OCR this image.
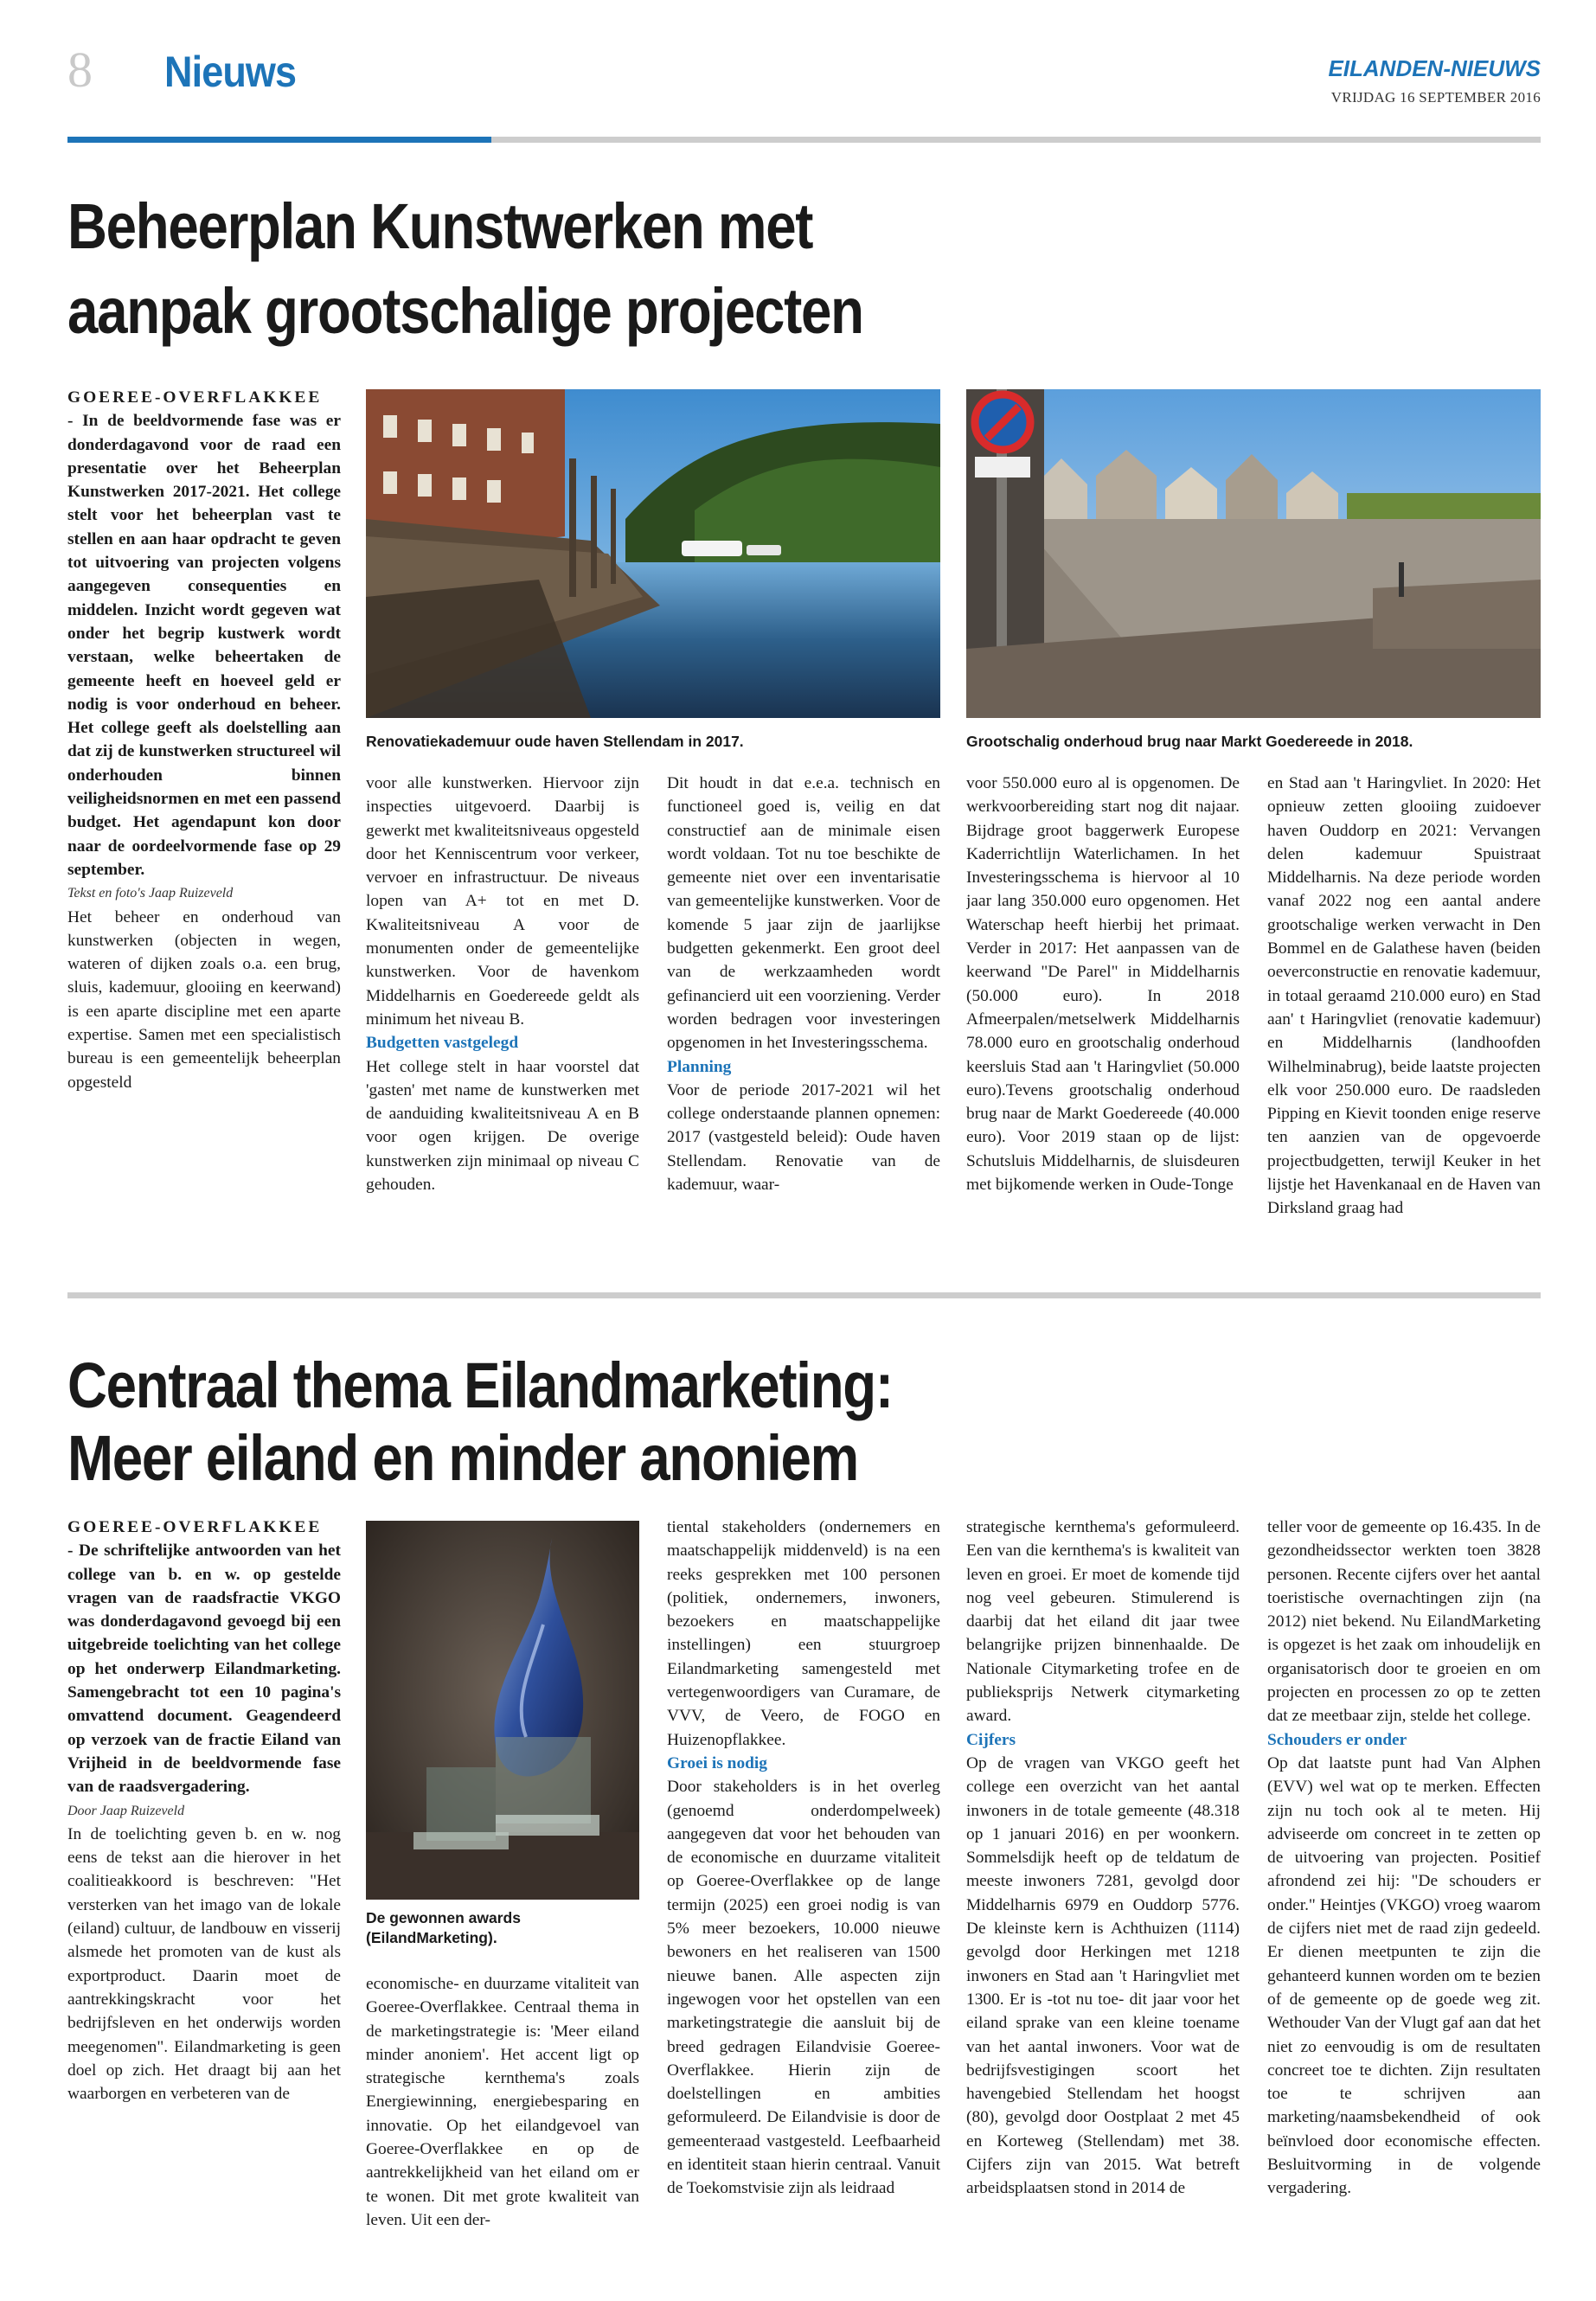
8 Nieuws	EILANDEN-NIEUWS
VRIJDAG 16 SEPTEMBER 2016
Beheerplan Kunstwerken met
aanpak grootschalige projecten

GOEREE-OVERFLAKKEE
- In de beeldvormende fase was er donderdagavond voor de raad een presentatie over het Beheerplan Kunstwerken 2017-2021. Het college stelt voor het beheerplan vast te stellen en aan haar opdracht te geven tot uitvoering van projecten volgens aangegeven consequenties en middelen. Inzicht wordt gegeven wat onder het begrip kustwerk wordt verstaan, welke beheertaken de gemeente heeft en hoeveel geld er nodig is voor onderhoud en beheer. Het college geeft als doelstelling aan dat zij de kunstwerken structureel wil onderhouden binnen veiligheidsnormen en met een passend budget. Het agendapunt kon door naar de oordeelvormende fase op 29 september.

Tekst en foto's Jaap Ruizeveld

Het beheer en onderhoud van kunstwerken (objecten in wegen, wateren of dijken zoals o.a. een brug, sluis, kademuur, glooiing en keerwand) is een aparte discipline met een aparte expertise. Samen met een specialistisch bureau is een gemeentelijk beheerplan opgesteld

Renovatiekademuur oude haven Stellendam in 2017.	Grootschalig onderhoud brug naar Markt Goedereede in 2018.

voor alle kunstwerken. Hiervoor zijn inspecties uitgevoerd. Daarbij is gewerkt met kwaliteitsniveaus opgesteld door het Kenniscentrum voor verkeer, vervoer en infrastructuur. De niveaus lopen van A+ tot en met D. Kwaliteitsniveau A voor de monumenten onder de gemeentelijke kunstwerken. Voor de havenkom Middelharnis en Goedereede geldt als minimum het niveau B.

Budgetten vastgelegd

Het college stelt in haar voorstel dat 'gasten' met name de kunstwerken met de aanduiding kwaliteitsniveau A en B voor ogen krijgen. De overige kunstwerken zijn minimaal op niveau C gehouden.

Dit houdt in dat e.e.a. technisch en functioneel goed is, veilig en dat constructief aan de minimale eisen wordt voldaan. Tot nu toe beschikte de gemeente niet over een inventarisatie van gemeentelijke kunstwerken. Voor de komende 5 jaar zijn de jaarlijkse budgetten gekenmerkt. Een groot deel van de werkzaamheden wordt gefinancierd uit een voorziening. Verder worden bedragen voor investeringen opgenomen in het Investeringsschema.

Planning

Voor de periode 2017-2021 wil het college onderstaande plannen opnemen: 2017 (vastgesteld beleid): Oude haven Stellendam. Renovatie van de kademuur, waar-

voor 550.000 euro al is opgenomen. De werkvoorbereiding start nog dit najaar. Bijdrage groot baggerwerk Europese Kaderrichtlijn Waterlichamen. In het Investeringsschema is hiervoor al 10 jaar lang 350.000 euro opgenomen. Het Waterschap heeft hierbij het primaat. Verder in 2017: Het aanpassen van de keerwand "De Parel" in Middelharnis (50.000 euro). In 2018 Afmeerpalen/metselwerk Middelharnis 78.000 euro en grootschalig onderhoud keersluis Stad aan 't Haringvliet (50.000 euro).Tevens grootschalig onderhoud brug naar de Markt Goedereede (40.000 euro). Voor 2019 staan op de lijst: Schutsluis Middelharnis, de sluisdeuren met bijkomende werken in Oude-Tonge

en Stad aan 't Haringvliet. In 2020: Het opnieuw zetten glooiing zuidoever haven Ouddorp en 2021: Vervangen delen kademuur Spuistraat Middelharnis. Na deze periode worden vanaf 2022 nog een aantal andere grootschalige werken verwacht in Den Bommel en de Galathese haven (beiden oeverconstructie en renovatie kademuur, in totaal geraamd 210.000 euro) en Stad aan' t Haringvliet (renovatie kademuur) en Middelharnis (landhoofden Wilhelminabrug), beide laatste projecten elk voor 250.000 euro. De raadsleden Pipping en Kievit toonden enige reserve ten aanzien van de opgevoerde projectbudgetten, terwijl Keuker in het lijstje het Havenkanaal en de Haven van Dirksland graag had

Centraal thema Eilandmarketing:
Meer eiland en minder anoniem

GOEREE-OVERFLAKKEE
- De schriftelijke antwoorden van het college van b. en w. op gestelde vragen van de raadsfractie VKGO was donderdagavond gevoegd bij een uitgebreide toelichting van het college op het onderwerp Eilandmarketing. Samengebracht tot een 10 pagina's omvattend document. Geagendeerd op verzoek van de fractie Eiland van Vrijheid in de beeldvormende fase van de raadsvergadering.

Door Jaap Ruizeveld

In de toelichting geven b. en w. nog eens de tekst aan die hierover in het coalitieakkoord is beschreven: "Het versterken van het imago van de lokale (eiland) cultuur, de landbouw en visserij alsmede het promoten van de kust als exportproduct. Daarin moet de aantrekkingskracht voor het bedrijfsleven en het onderwijs worden meegenomen". Eilandmarketing is geen doel op zich. Het draagt bij aan het waarborgen en verbeteren van de

De gewonnen awards (EilandMarketing).

economische- en duurzame vitaliteit van Goeree-Overflakkee. Centraal thema in de marketingstrategie is: 'Meer eiland minder anoniem'. Het accent ligt op strategische kernthema's zoals Energiewinning, energiebesparing en innovatie. Op het eilandgevoel van Goeree-Overflakkee en op de aantrekkelijkheid van het eiland om er te wonen. Dit met grote kwaliteit van leven. Uit een der-

tiental stakeholders (ondernemers en maatschappelijk middenveld) is na een reeks gesprekken met 100 personen (politiek, ondernemers, inwoners, bezoekers en maatschappelijke instellingen) een stuurgroep Eilandmarketing samengesteld met vertegenwoordigers van Curamare, de VVV, de Veero, de FOGO en Huizenopflakkee.

Groei is nodig

Door stakeholders is in het overleg (genoemd onderdompelweek) aangegeven dat voor het behouden van de economische en duurzame vitaliteit op Goeree-Overflakkee op de lange termijn (2025) een groei nodig is van 5% meer bezoekers, 10.000 nieuwe bewoners en het realiseren van 1500 nieuwe banen. Alle aspecten zijn ingewogen voor het opstellen van een marketingstrategie die aansluit bij de breed gedragen Eilandvisie Goeree-Overflakkee. Hierin zijn de doelstellingen en ambities geformuleerd. De Eilandvisie is door de gemeenteraad vastgesteld. Leefbaarheid en identiteit staan hierin centraal. Vanuit de Toekomstvisie zijn als leidraad

strategische kernthema's geformuleerd. Een van die kernthema's is kwaliteit van leven en groei. Er moet de komende tijd nog veel gebeuren. Stimulerend is daarbij dat het eiland dit jaar twee belangrijke prijzen binnenhaalde. De Nationale Citymarketing trofee en de publieksprijs Netwerk citymarketing award.

Cijfers

Op de vragen van VKGO geeft het college een overzicht van het aantal inwoners in de totale gemeente (48.318 op 1 januari 2016) en per woonkern. Sommelsdijk heeft op de teldatum de meeste inwoners 7281, gevolgd door Middelharnis 6979 en Ouddorp 5776. De kleinste kern is Achthuizen (1114) gevolgd door Herkingen met 1218 inwoners en Stad aan 't Haringvliet met 1300. Er is -tot nu toe- dit jaar voor het eiland sprake van een kleine toename van het aantal inwoners. Voor wat de bedrijfsvestigingen scoort het havengebied Stellendam het hoogst (80), gevolgd door Oostplaat 2 met 45 en Korteweg (Stellendam) met 38. Cijfers zijn van 2015. Wat betreft arbeidsplaatsen stond in 2014 de

teller voor de gemeente op 16.435. In de gezondheidssector werkten toen 3828 personen. Recente cijfers over het aantal toeristische overnachtingen zijn (na 2012) niet bekend. Nu EilandMarketing is opgezet is het zaak om inhoudelijk en organisatorisch door te groeien en om projecten en processen zo op te zetten dat ze meetbaar zijn, stelde het college.

Schouders er onder

Op dat laatste punt had Van Alphen (EVV) wel wat op te merken. Effecten zijn nu toch ook al te meten. Hij adviseerde om concreet in te zetten op de uitvoering van projecten. Positief afrondend zei hij: "De schouders er onder." Heintjes (VKGO) vroeg waarom de cijfers niet met de raad zijn gedeeld. Er dienen meetpunten te zijn die gehanteerd kunnen worden om te bezien of de gemeente op de goede weg zit. Wethouder Van der Vlugt gaf aan dat het niet zo eenvoudig is om de resultaten concreet toe te dichten. Zijn resultaten toe te schrijven aan marketing/naamsbekendheid of ook beïnvloed door economische effecten. Besluitvorming in de volgende vergadering.
